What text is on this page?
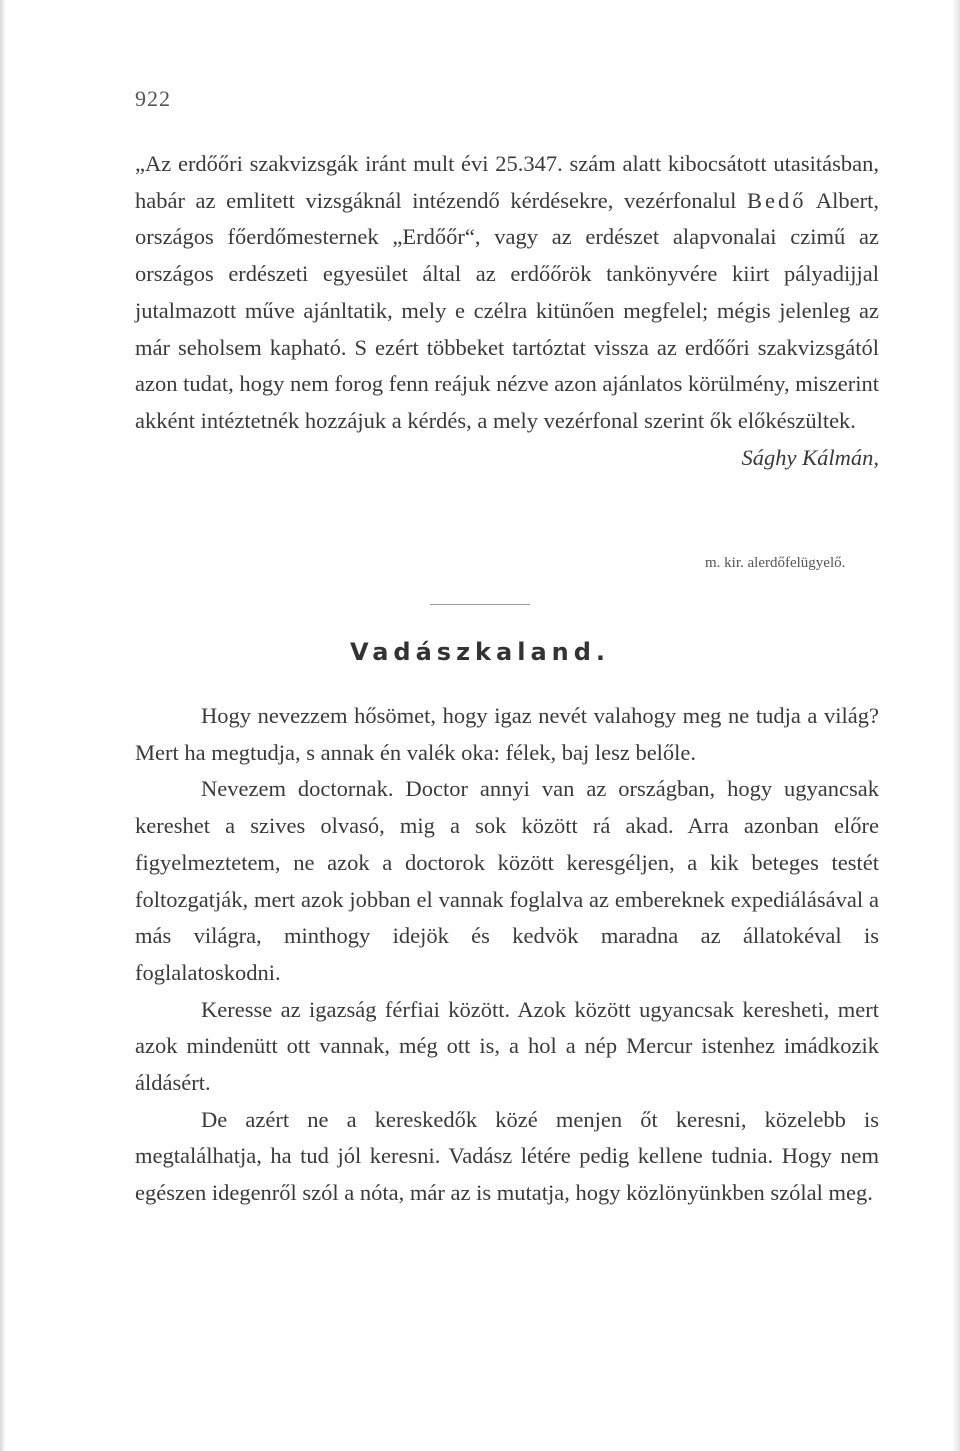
922

„Az erdőőri szakvizsgák iránt mult évi 25.347. szám alatt kibocsátott utasitásban, habár az emlitett vizsgáknál intézendő kérdésekre, vezérfonalul Bedő Albert, országos főerdőmesternek „Erdőőr“, vagy az erdészet alapvonalai czimű az országos erdészeti egyesület által az erdőőrök tankönyvére kiirt pályadijjal jutalmazott műve ajánltatik, mely e czélra kitünően megfelel; mégis jelenleg az már seholsem kapható. S ezért többeket tartóztat vissza az erdőőri szakvizsgától azon tudat, hogy nem forog fenn reájuk nézve azon ajánlatos körülmény, miszerint akként intéztetnék hozzájuk a kérdés, a mely vezérfonal szerint ők előkészültek.
Sághy Kálmán,

m. kir. alerdőfelügyelő.
Vadászkaland.

Hogy nevezzem hősömet, hogy igaz nevét valahogy meg ne tudja a világ? Mert ha megtudja, s annak én valék oka: félek, baj lesz belőle.

Nevezem doctornak. Doctor annyi van az országban, hogy ugyancsak kereshet a szives olvasó, mig a sok között rá akad. Arra azonban előre figyelmeztetem, ne azok a doctorok között keresgéljen, a kik beteges testét foltozgatják, mert azok jobban el vannak foglalva az embereknek expediálásával a más világra, minthogy idejök és kedvök maradna az állatokéval is foglalatoskodni.

Keresse az igazság férfiai között. Azok között ugyancsak keresheti, mert azok mindenütt ott vannak, még ott is, a hol a nép Mercur istenhez imádkozik áldásért.

De azért ne a kereskedők közé menjen őt keresni, közelebb is megtalálhatja, ha tud jól keresni. Vadász létére pedig kellene tudnia. Hogy nem egészen idegenről szól a nóta, már az is mutatja, hogy közlönyünkben szólal meg.
